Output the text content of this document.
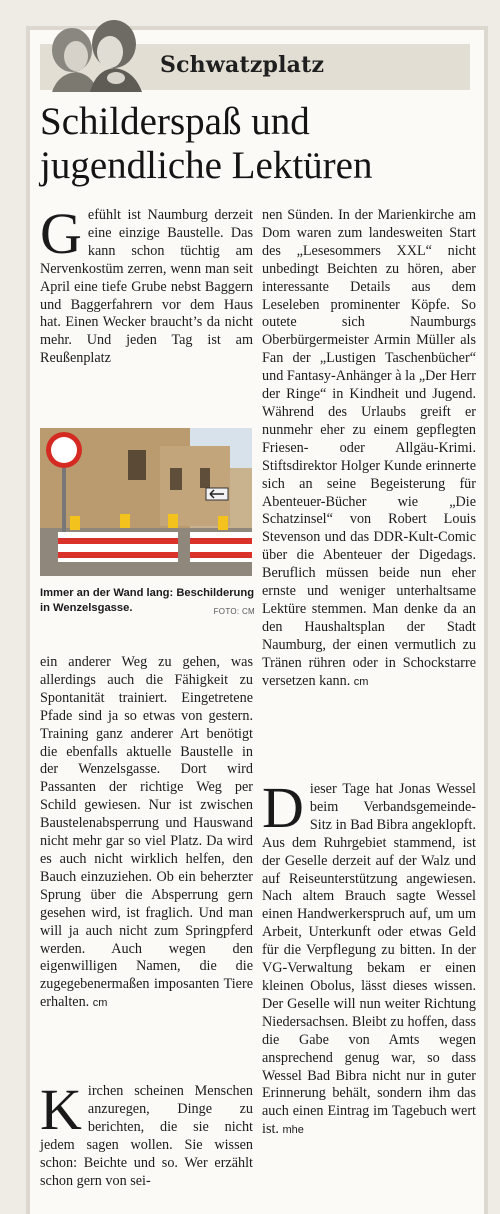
Schwatzplatz
Schilderspaß und jugendliche Lektüren

Gefühlt ist Naumburg derzeit eine einzige Baustelle. Das kann schon tüchtig am Nervenkostüm zerren, wenn man seit April eine tiefe Grube nebst Baggern und Baggerfahrern vor dem Haus hat. Einen Wecker braucht’s da nicht mehr. Und jeden Tag ist am Reußenplatz

Immer an der Wand lang: Beschilderung in Wenzelsgasse.	FOTO: CM

ein anderer Weg zu gehen, was allerdings auch die Fähigkeit zu Spontanität trainiert. Eingetretene Pfade sind ja so etwas von gestern. Training ganz anderer Art benötigt die ebenfalls aktuelle Baustelle in der Wenzelsgasse. Dort wird Passanten der richtige Weg per Schild gewiesen. Nur ist zwischen Baustelenabsperrung und Hauswand nicht mehr gar so viel Platz. Da wird es auch nicht wirklich helfen, den Bauch einzuziehen. Ob ein beherzter Sprung über die Absperrung gern gesehen wird, ist fraglich. Und man will ja auch nicht zum Springpferd werden. Auch wegen den eigenwilligen Namen, die die zugegebenermaßen imposanten Tiere erhalten. cm

Kirchen scheinen Menschen anzuregen, Dinge zu berichten, die sie nicht jedem sagen wollen. Sie wissen schon: Beichte und so. Wer erzählt schon gern von sei-

nen Sünden. In der Marienkirche am Dom waren zum landesweiten Start des „Lesesommers XXL“ nicht unbedingt Beichten zu hören, aber interessante Details aus dem Leseleben prominenter Köpfe. So outete sich Naumburgs Oberbürgermeister Armin Müller als Fan der „Lustigen Taschenbücher“ und Fantasy-Anhänger à la „Der Herr der Ringe“ in Kindheit und Jugend. Während des Urlaubs greift er nunmehr eher zu einem gepflegten Friesen- oder Allgäu-Krimi. Stiftsdirektor Holger Kunde erinnerte sich an seine Begeisterung für Abenteuer-Bücher wie „Die Schatzinsel“ von Robert Louis Stevenson und das DDR-Kult-Comic über die Abenteuer der Digedags. Beruflich müssen beide nun eher ernste und weniger unterhaltsame Lektüre stemmen. Man denke da an den Haushaltsplan der Stadt Naumburg, der einen vermutlich zu Tränen rühren oder in Schockstarre versetzen kann. cm

Dieser Tage hat Jonas Wessel beim Verbandsgemeinde-Sitz in Bad Bibra angeklopft. Aus dem Ruhrgebiet stammend, ist der Geselle derzeit auf der Walz und auf Reiseunterstützung angewiesen. Nach altem Brauch sagte Wessel einen Handwerkerspruch auf, um um Arbeit, Unterkunft oder etwas Geld für die Verpflegung zu bitten. In der VG-Verwaltung bekam er einen kleinen Obolus, lässt dieses wissen. Der Geselle will nun weiter Richtung Niedersachsen. Bleibt zu hoffen, dass die Gabe von Amts wegen ansprechend genug war, so dass Wessel Bad Bibra nicht nur in guter Erinnerung behält, sondern ihm das auch einen Eintrag im Tagebuch wert ist. mhe
